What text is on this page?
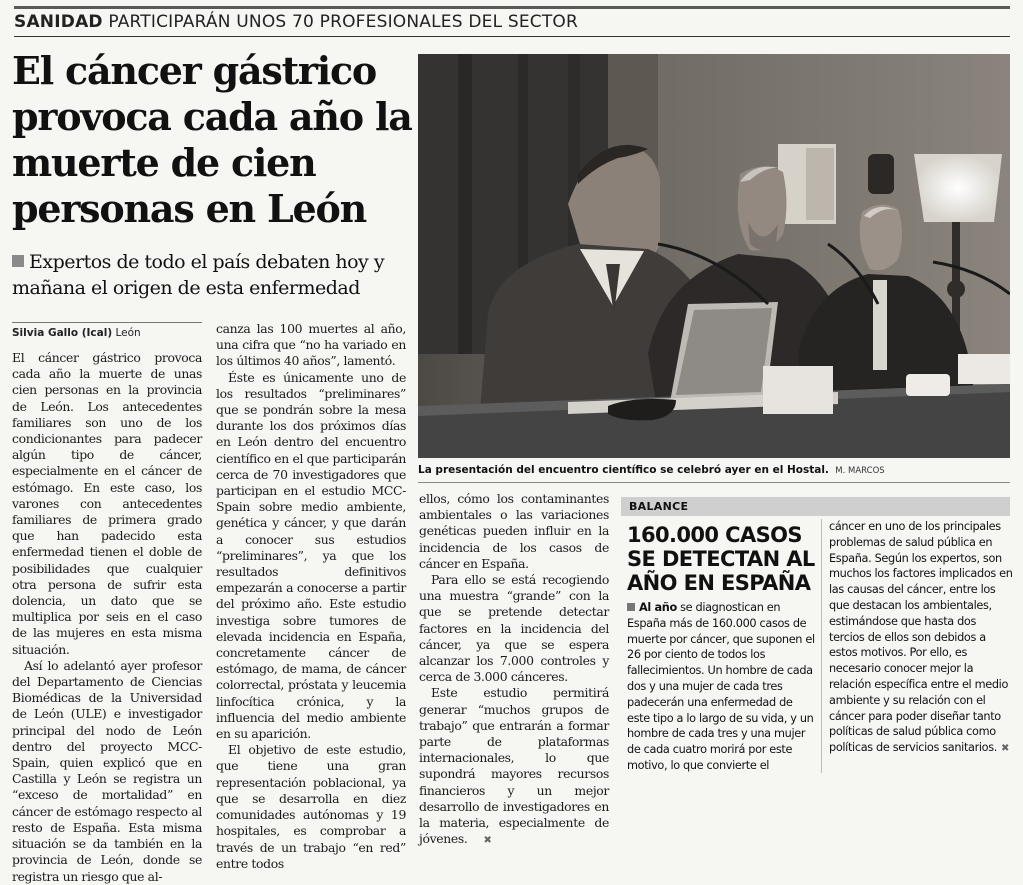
SANIDAD PARTICIPARÁN UNOS 70 PROFESIONALES DEL SECTOR
El cáncer gástrico provoca cada año la muerte de cien personas en León

Expertos de todo el país debaten hoy y mañana el origen de esta enfermedad

Silvia Gallo (Ical) León

El cáncer gástrico provoca cada año la muerte de unas cien personas en la provincia de León. Los antecedentes familiares son uno de los condicionantes para padecer algún tipo de cáncer, especialmente en el cáncer de estómago. En este caso, los varones con antecedentes familiares de primera grado que han padecido esta enfermedad tienen el doble de posibilidades que cualquier otra persona de sufrir esta dolencia, un dato que se multiplica por seis en el caso de las mujeres en esta misma situación.

Así lo adelantó ayer profesor del Departamento de Ciencias Biomédicas de la Universidad de León (ULE) e investigador principal del nodo de León dentro del proyecto MCC-Spain, quien explicó que en Castilla y León se registra un “exceso de mortalidad” en cáncer de estómago respecto al resto de España. Esta misma situación se da también en la provincia de León, donde se registra un riesgo que al-

canza las 100 muertes al año, una cifra que “no ha variado en los últimos 40 años”, lamentó.

Éste es únicamente uno de los resultados “preliminares” que se pondrán sobre la mesa durante los dos próximos días en León dentro del encuentro científico en el que participarán cerca de 70 investigadores que participan en el estudio MCC-Spain sobre medio ambiente, genética y cáncer, y que darán a conocer sus estudios “preliminares”, ya que los resultados definitivos empezarán a conocerse a partir del próximo año. Este estudio investiga sobre tumores de elevada incidencia en España, concretamente cáncer de estómago, de mama, de cáncer colorrectal, próstata y leucemia linfocítica crónica, y la influencia del medio ambiente en su aparición.

El objetivo de este estudio, que tiene una gran representación poblacional, ya que se desarrolla en diez comunidades autónomas y 19 hospitales, es comprobar a través de un trabajo “en red” entre todos

ellos, cómo los contaminantes ambientales o las variaciones genéticas pueden influir en la incidencia de los casos de cáncer en España.

Para ello se está recogiendo una muestra “grande” con la que se pretende detectar factores en la incidencia del cáncer, ya que se espera alcanzar los 7.000 controles y cerca de 3.000 cánceres.

Este estudio permitirá generar “muchos grupos de trabajo” que entrarán a formar parte de plataformas internacionales, lo que supondrá mayores recursos financieros y un mejor desarrollo de investigadores en la materia, especialmente de jóvenes. ✖

La presentación del encuentro científico se celebró ayer en el Hostal. M. MARCOS
BALANCE
160.000 CASOS SE DETECTAN AL AÑO EN ESPAÑA

Al año se diagnostican en España más de 160.000 casos de muerte por cáncer, que suponen el 26 por ciento de todos los fallecimientos. Un hombre de cada dos y una mujer de cada tres padecerán una enfermedad de este tipo a lo largo de su vida, y un hombre de cada tres y una mujer de cada cuatro morirá por este motivo, lo que convierte el

cáncer en uno de los principales problemas de salud pública en España. Según los expertos, son muchos los factores implicados en las causas del cáncer, entre los que destacan los ambientales, estimándose que hasta dos tercios de ellos son debidos a estos motivos. Por ello, es necesario conocer mejor la relación específica entre el medio ambiente y su relación con el cáncer para poder diseñar tanto políticas de salud pública como políticas de servicios sanitarios. ✖
